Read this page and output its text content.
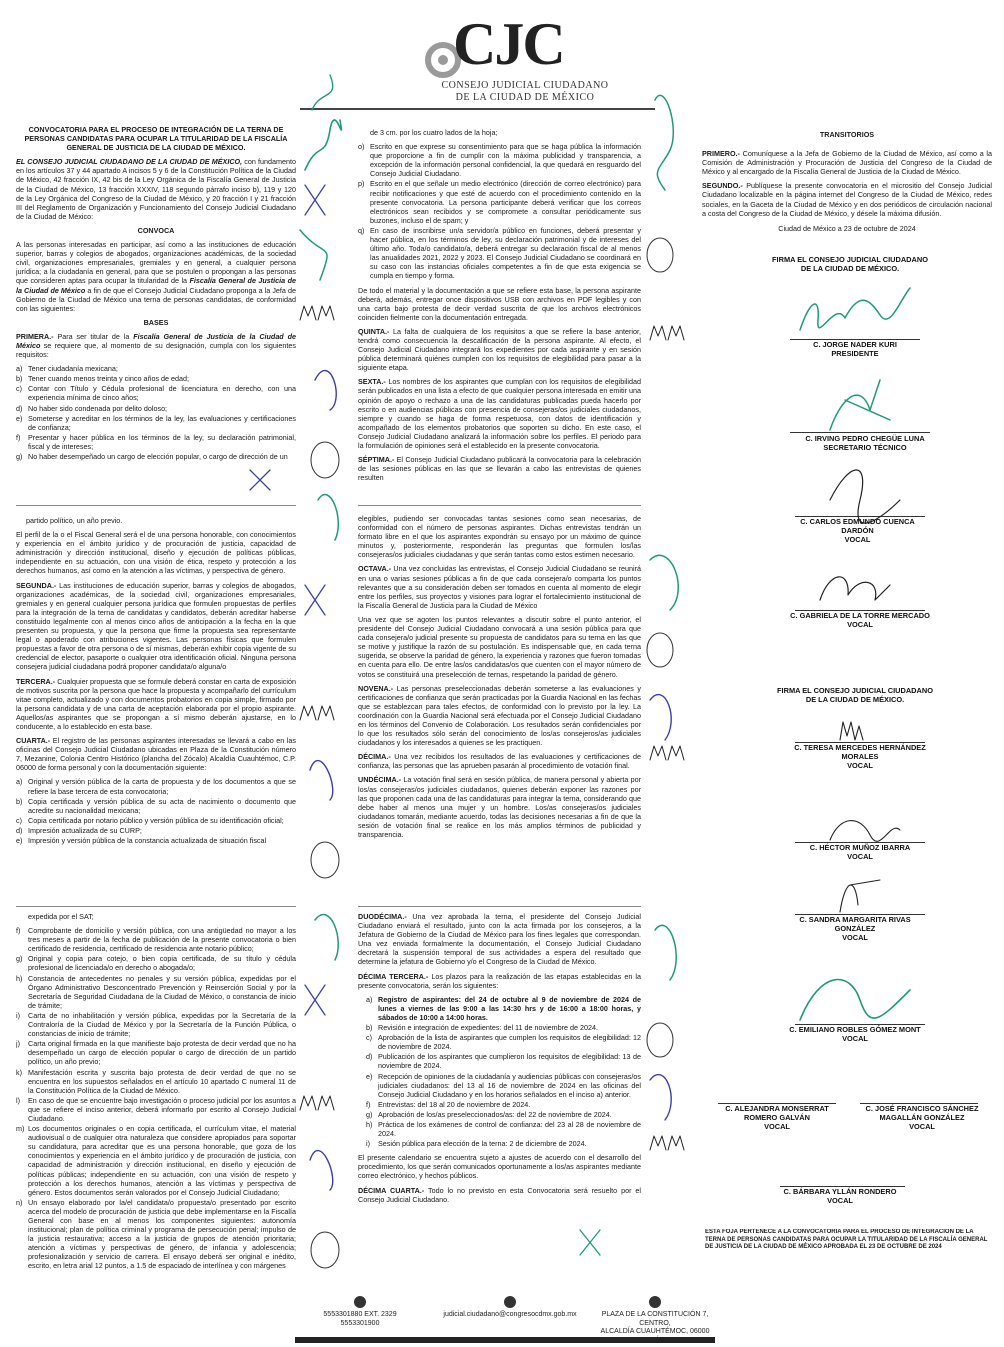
CJC
CONSEJO JUDICIAL CIUDADANO
DE LA CIUDAD DE MÉXICO

CONVOCATORIA PARA EL PROCESO DE INTEGRACIÓN DE LA TERNA DE PERSONAS CANDIDATAS PARA OCUPAR LA TITULARIDAD DE LA FISCALÍA GENERAL DE JUSTICIA DE LA CIUDAD DE MÉXICO.

EL CONSEJO JUDICIAL CIUDADANO DE LA CIUDAD DE MÉXICO, con fundamento en los artículos 37 y 44 apartado A incisos 5 y 6 de la Constitución Política de la Ciudad de México, 42 fracción IX, 42 bis de la Ley Orgánica de la Fiscalía General de Justicia de la Ciudad de México, 13 fracción XXXIV, 118 segundo párrafo inciso b), 119 y 120 de la Ley Orgánica del Congreso de la Ciudad de México, y 20 fracción I y 21 fracción III del Reglamento de Organización y Funcionamiento del Consejo Judicial Ciudadano de la Ciudad de México:

CONVOCA

A las personas interesadas en participar, así como a las instituciones de educación superior, barras y colegios de abogados, organizaciones académicas, de la sociedad civil, organizaciones empresariales, gremiales y en general, a cualquier persona jurídica; a la ciudadanía en general, para que se postulen o propongan a las personas que consideren aptas para ocupar la titularidad de la Fiscalía General de Justicia de la Ciudad de México a fin de que el Consejo Judicial Ciudadano proponga a la Jefa de Gobierno de la Ciudad de México una terna de personas candidatas, de conformidad con las siguientes:

BASES

PRIMERA.- Para ser titular de la Fiscalía General de Justicia de la Ciudad de México se requiere que, al momento de su designación, cumpla con los siguientes requisitos:

a) Tener ciudadanía mexicana;
b) Tener cuando menos treinta y cinco años de edad;
c) Contar con Título y Cédula profesional de licenciatura en derecho, con una experiencia mínima de cinco años;
d) No haber sido condenada por delito doloso;
e) Someterse y acreditar en los términos de la ley, las evaluaciones y certificaciones de confianza;
f)	Presentar y hacer pública en los términos de la ley, su declaración patrimonial, fiscal y de intereses;
g) No haber desempeñado un cargo de elección popular, o cargo de dirección de un

de 3 cm. por los cuatro lados de la hoja;

o) Escrito en que exprese su consentimiento para que se haga pública la información que proporcione a fin de cumplir con la máxima publicidad y transparencia, a excepción de la información personal confidencial, la que quedará en resguardo del Consejo Judicial Ciudadano.
p) Escrito en el que señale un medio electrónico (dirección de correo electrónico) para recibir notificaciones y que esté de acuerdo con el procedimiento contenido en la presente convocatoria. La persona participante deberá verificar que los correos electrónicos sean recibidos y se compromete a consultar periódicamente sus buzones, incluso el de spam; y
q) En caso de inscribirse un/a servidor/a público en funciones, deberá presentar y hacer pública, en los términos de ley, su declaración patrimonial y de intereses del último año. Toda/o candidato/a, deberá entregar su declaración fiscal de al menos las anualidades 2021, 2022 y 2023. El Consejo Judicial Ciudadano se coordinará en su caso con las instancias oficiales competentes a fin de que esta exigencia se cumpla en tiempo y forma.

De todo el material y la documentación a que se refiere esta base, la persona aspirante deberá, además, entregar once dispositivos USB con archivos en PDF legibles y con una carta bajo protesta de decir verdad suscrita de que los archivos electrónicos coinciden fielmente con la documentación entregada.

QUINTA.- La falta de cualquiera de los requisitos a que se refiere la base anterior, tendrá como consecuencia la descalificación de la persona aspirante. Al efecto, el Consejo Judicial Ciudadano integrará los expedientes por cada aspirante y en sesión pública determinará quiénes cumplen con los requisitos de elegibilidad para pasar a la siguiente etapa.

SEXTA.- Los nombres de los aspirantes que cumplan con los requisitos de elegibilidad serán publicados en una lista a efecto de que cualquier persona interesada en emitir una opinión de apoyo o rechazo a una de las candidaturas publicadas pueda hacerlo por escrito o en audiencias públicas con presencia de consejeras/os judiciales ciudadanos, siempre y cuando se haga de forma respetuosa, con datos de identificación y acompañado de los elementos probatorios que soporten su dicho. En este caso, el Consejo Judicial Ciudadano analizará la información sobre los perfiles. El periodo para la formulación de opiniones será el establecido en la presente convocatoria.

SÉPTIMA.- El Consejo Judicial Ciudadano publicará la convocatoria para la celebración de las sesiones públicas en las que se llevarán a cabo las entrevistas de quienes resulten

partido político, un año previo.

El perfil de la o el Fiscal General será el de una persona honorable, con conocimientos y experiencia en el ámbito jurídico y de procuración de justicia, capacidad de administración y dirección institucional, diseño y ejecución de políticas públicas, independiente en su actuación, con una visión de ética, respeto y protección a los derechos humanos, así como en la atención a las víctimas, y perspectiva de género.

SEGUNDA.- Las instituciones de educación superior, barras y colegios de abogados, organizaciones académicas, de la sociedad civil, organizaciones empresariales, gremiales y en general cualquier persona jurídica que formulen propuestas de perfiles para la integración de la terna de candidatas y candidatos, deberán acreditar haberse constituido legalmente con al menos cinco años de anticipación a la fecha en la que presenten su propuesta, y que la persona que firme la propuesta sea representante legal o apoderado con atribuciones vigentes. Las personas físicas que formulen propuestas a favor de otra persona o de sí mismas, deberán exhibir copia vigente de su credencial de elector, pasaporte o cualquier otra identificación oficial. Ninguna persona consejera judicial ciudadana podrá proponer candidata/o alguna/o

TERCERA.- Cualquier propuesta que se formule deberá constar en carta de exposición de motivos suscrita por la persona que hace la propuesta y acompañarlo del currículum vitae completo, actualizado y con documentos probatorios en copia simple, firmado por la persona candidata y de una carta de aceptación elaborada por el propio aspirante. Aquellos/as aspirantes que se propongan a sí mismo deberán ajustarse, en lo conducente, a lo establecido en esta base.

CUARTA.- El registro de las personas aspirantes interesadas se llevará a cabo en las oficinas del Consejo Judicial Ciudadano ubicadas en Plaza de la Constitución número 7, Mezanine, Colonia Centro Histórico (plancha del Zócalo) Alcaldía Cuauhtémoc, C.P. 06000 de forma personal y con la documentación siguiente:

a) Original y versión pública de la carta de propuesta y de los documentos a que se refiere la base tercera de esta convocatoria;
b) Copia certificada y versión pública de su acta de nacimiento o documento que acredite su nacionalidad mexicana;
c) Copia certificada por notario público y versión pública de su identificación oficial;
d) Impresión actualizada de su CURP;
e) Impresión y versión pública de la constancia actualizada de situación fiscal

elegibles, pudiendo ser convocadas tantas sesiones como sean necesarias, de conformidad con el número de personas aspirantes. Dichas entrevistas tendrán un formato libre en el que los aspirantes expondrán su ensayo por un máximo de quince minutos y, posteriormente, responderán las preguntas que formulen los/las consejeras/os judiciales ciudadanas y que serán tantas como estos estimen necesario.

OCTAVA.- Una vez concluidas las entrevistas, el Consejo Judicial Ciudadano se reunirá en una o varias sesiones públicas a fin de que cada consejera/o comparta los puntos relevantes que a su consideración deben ser tomados en cuenta al momento de elegir entre los perfiles, sus proyectos y visiones para lograr el fortalecimiento institucional de la Fiscalía General de Justicia para la Ciudad de México

Una vez que se agoten los puntos relevantes a discutir sobre el punto anterior, el presidente del Consejo Judicial Ciudadano convocará a una sesión pública para que cada consejera/o judicial presente su propuesta de candidatos para su terna en las que se motive y justifique la razón de su postulación. Es indispensable que, en cada terna sugerida, se observe la paridad de género, la experiencia y razones que fueron tomadas en cuenta para ello. De entre las/os candidatas/os que cuenten con el mayor número de votos se constituirá una preselección de ternas, respetando la paridad de género.

NOVENA.- Las personas preseleccionadas deberán someterse a las evaluaciones y certificaciones de confianza que serán practicadas por la Guardia Nacional en las fechas que se establezcan para tales efectos, de conformidad con lo previsto por la ley. La coordinación con la Guardia Nacional será efectuada por el Consejo Judicial Ciudadano en los términos del Convenio de Colaboración. Los resultados serán confidenciales por lo que los resultados sólo serán del conocimiento de los/as consejeros/as judiciales ciudadanos y los interesados a quienes se les practiquen.

DÉCIMA.- Una vez recibidos los resultados de las evaluaciones y certificaciones de confianza, las personas que las aprueben pasarán al procedimiento de votación final.

UNDÉCIMA.- La votación final será en sesión pública, de manera personal y abierta por los/as consejeras/os judiciales ciudadanos, quienes deberán exponer las razones por las que proponen cada una de las candidaturas para integrar la terna, considerando que debe haber al menos una mujer y un hombre. Los/as consejeras/os judiciales ciudadanos tomarán, mediante acuerdo, todas las decisiones necesarias a fin de que la sesión de votación final se realice en los más amplios términos de publicidad y transparencia.

expedida por el SAT;

f)	Comprobante de domicilio y versión pública, con una antigüedad no mayor a los tres meses a partir de la fecha de publicación de la presente convocatoria o bien certificado de residencia, certificado de residencia ante notario público;
g) Original y copia para cotejo, o bien copia certificada, de su título y cédula profesional de licenciada/o en derecho o abogada/o;
h) Constancia de antecedentes no penales y su versión pública, expedidas por el Órgano Administrativo Desconcentrado Prevención y Reinserción Social y por la Secretaría de Seguridad Ciudadana de la Ciudad de México, o constancia de inicio de trámite;
i)	Carta de no inhabilitación y versión pública, expedidas por la Secretaría de la Contraloría de la Ciudad de México y por la Secretaría de la Función Pública, o constancias de inicio de trámite;
j)	Carta original firmada en la que manifieste bajo protesta de decir verdad que no ha desempeñado un cargo de elección popular o cargo de dirección de un partido político, un año previo;
k) Manifestación escrita y suscrita bajo protesta de decir verdad de que no se encuentra en los supuestos señalados en el artículo 10 apartado C numeral 11 de la Constitución Política de la Ciudad de México.
l)	En caso de que se encuentre bajo investigación o proceso judicial por los asuntos a que se refiere el inciso anterior, deberá informarlo por escrito al Consejo Judicial Ciudadano.
m) Los documentos originales o en copia certificada, el currículum vitae, el material audiovisual o de cualquier otra naturaleza que considere apropiados para soportar su candidatura, para acreditar que es una persona honorable, que goza de los conocimientos y experiencia en el ámbito jurídico y de procuración de justicia, con capacidad de administración y dirección institucional, en diseño y ejecución de políticas públicas; independiente en su actuación, con una visión de respeto y protección a los derechos humanos, atención a las víctimas y perspectiva de género. Estos documentos serán valorados por el Consejo Judicial Ciudadano;
n) Un ensayo elaborado por la/el candidata/o propuesta/o presentado por escrito acerca del modelo de procuración de justicia que debe implementarse en la Fiscalía General con base en al menos los componentes siguientes: autonomía institucional; plan de política criminal y programa de persecución penal; impulso de la justicia restaurativa; acceso a la justicia de grupos de atención prioritaria; atención a víctimas y perspectivas de género, de infancia y adolescencia; profesionalización y servicio de carrera. El ensayo deberá ser original e inédito, escrito, en letra arial 12 puntos, a 1.5 de espaciado de interlínea y con márgenes

DUODÉCIMA.- Una vez aprobada la terna, el presidente del Consejo Judicial Ciudadano enviará el resultado, junto con la acta firmada por los consejeros, a la Jefatura de Gobierno de la Ciudad de México para los fines legales que correspondan. Una vez enviada formalmente la documentación, el Consejo Judicial Ciudadano decretará la suspensión temporal de sus actividades a espera del resultado que determine la jefatura de Gobierno y/o el Congreso de la Ciudad de México.

DÉCIMA TERCERA.- Los plazos para la realización de las etapas establecidas en la presente convocatoria, serán los siguientes:

a) Registro de aspirantes: del 24 de octubre al 9 de noviembre de 2024 de lunes a viernes de las 9:00 a las 14:30 hrs y de 16:00 a 18:00 horas, y sábados de 10:00 a 14:00 horas.
b) Revisión e integración de expedientes: del 11 de noviembre de 2024.
c) Aprobación de la lista de aspirantes que cumplen los requisitos de elegibilidad: 12 de noviembre de 2024.
d) Publicación de los aspirantes que cumplieron los requisitos de elegibilidad: 13 de noviembre de 2024.
e) Recepción de opiniones de la ciudadanía y audiencias públicas con consejeras/os judiciales ciudadanos: del 13 al 16 de noviembre de 2024 en las oficinas del Consejo Judicial Ciudadano y en los horarios señalados en el inciso a) anterior.
f)	Entrevistas: del 18 al 20 de noviembre de 2024.
g) Aprobación de los/as preseleccionados/as: del 22 de noviembre de 2024.
h) Práctica de los exámenes de control de confianza: del 23 al 28 de noviembre de 2024.
i)	Sesión pública para elección de la terna: 2 de diciembre de 2024.

El presente calendario se encuentra sujeto a ajustes de acuerdo con el desarrollo del procedimiento, los que serán comunicados oportunamente a los/as aspirantes mediante correo electrónico, y hechos públicos.

DÉCIMA CUARTA.- Todo lo no previsto en esta Convocatoria será resuelto por el Consejo Judicial Ciudadano.

TRANSITORIOS

PRIMERO.- Comuníquese a la Jefa de Gobierno de la Ciudad de México, así como a la Comisión de Administración y Procuración de Justicia del Congreso de la Ciudad de México y al encargado de la Fiscalía General de Justicia de la Ciudad de México.

SEGUNDO.- Publíquese la presente convocatoria en el micrositio del Consejo Judicial Ciudadano localizable en la página internet del Congreso de la Ciudad de México, redes sociales, en la Gaceta de la Ciudad de México y en dos periódicos de circulación nacional a costa del Congreso de la Ciudad de México, y désele la máxima difusión.

Ciudad de México a 23 de octubre de 2024

FIRMA EL CONSEJO JUDICIAL CIUDADANO DE LA CIUDAD DE MÉXICO.
C. JORGE NADER KURI
PRESIDENTE
C. IRVING PEDRO CHEGÜE LUNA
SECRETARIO TÉCNICO
C. CARLOS EDMUNDO CUENCA DARDÓN
VOCAL
C. GABRIELA DE LA TORRE MERCADO
VOCAL
FIRMA EL CONSEJO JUDICIAL CIUDADANO DE LA CIUDAD DE MÉXICO.
C. TERESA MERCEDES HERNÁNDEZ MORALES
VOCAL
C. HÉCTOR MUÑOZ IBARRA
VOCAL
C. SANDRA MARGARITA RIVAS GONZÁLEZ
VOCAL
C. EMILIANO ROBLES GÓMEZ MONT
VOCAL
C. ALEJANDRA MONSERRAT ROMERO GALVÁN
VOCAL
C. JOSÉ FRANCISCO SÁNCHEZ MAGALLÁN GONZÁLEZ
VOCAL
C. BÁRBARA YLLÁN RONDERO
VOCAL
ESTA FOJA PERTENECE A LA CONVOCATORIA PARA EL PROCESO DE INTEGRACIÓN DE LA TERNA DE PERSONAS CANDIDATAS PARA OCUPAR LA TITULARIDAD DE LA FISCALÍA GENERAL DE JUSTICIA DE LA CIUDAD DE MÉXICO APROBADA EL 23 DE OCTUBRE DE 2024
5553301880 EXT. 2329
5553301900
judicial.ciudadano@congresocdmx.gob.mx	PLAZA DE LA CONSTITUCIÓN 7, CENTRO,
ALCALDÍA CUAUHTÉMOC, 06000
